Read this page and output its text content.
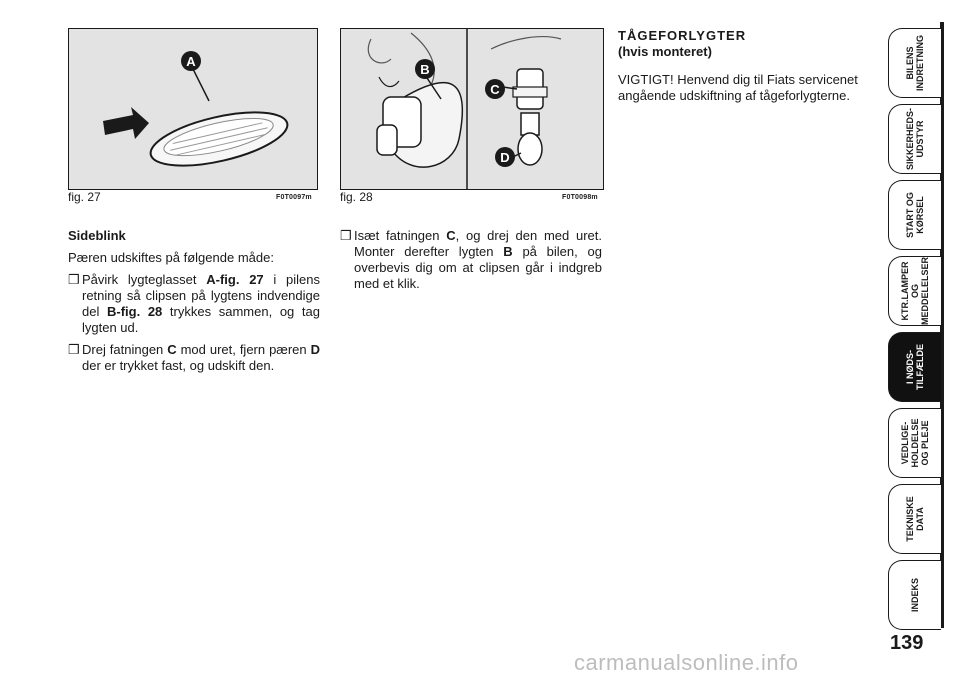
A
fig. 27	F0T0097m
B
C
D
fig. 28	F0T0098m

Sideblink

Pæren udskiftes på følgende måde:

❒ Påvirk lygteglasset A-fig. 27 i pilens retning så clipsen på lygtens indvendige del B-fig. 28 trykkes sammen, og tag lygten ud.
❒ Drej fatningen C mod uret, fjern pæren D der er trykket fast, og udskift den.
❒ Isæt fatningen C, og drej den med uret. Monter derefter lygten B på bilen, og overbevis dig om at clipsen går i indgreb med et klik.
TÅGEFORLYGTER
(hvis monteret)
VIGTIGT! Henvend dig til Fiats servicenet angående udskiftning af tågeforlygterne.
BILENS
INDRETNING
SIKKERHEDS-
UDSTYR
START OG
KØRSEL
KTR.LAMPER
OG
MEDDELELSER
I NØDS-
TILFÆLDE
VEDLIGE-
HOLDELSE
OG PLEJE
TEKNISKE
DATA
INDEKS
139
carmanualsonline.info
